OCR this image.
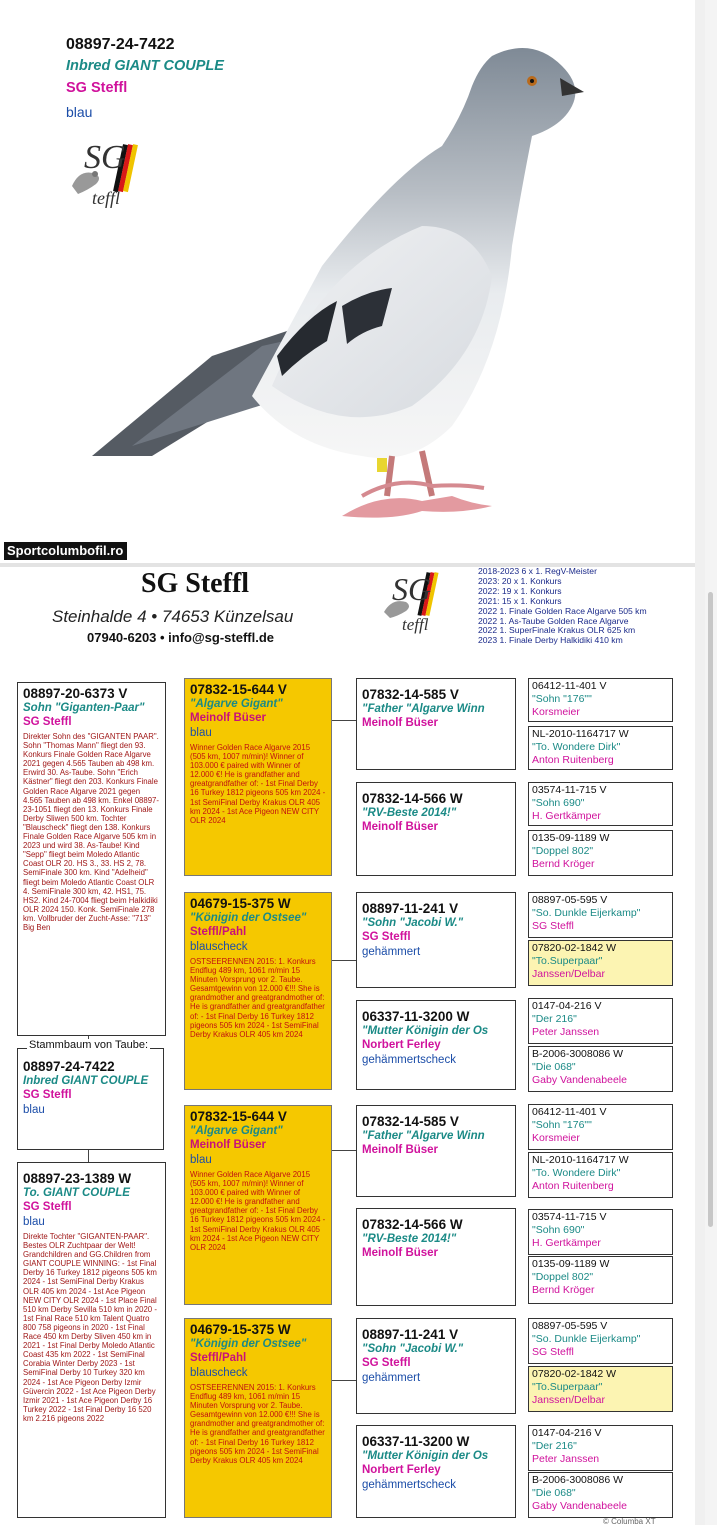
08897-24-7422
Inbred GIANT COUPLE
SG Steffl
blau
SG
teffl
Sportcolumbofil.ro
SG Steffl
Steinhalde 4 • 74653 Künzelsau
07940-6203 • info@sg-steffl.de
SG
teffl
2018-2023 6 x 1. RegV-Meister
2023: 20 x 1. Konkurs
2022: 19 x 1. Konkurs
2021: 15 x 1. Konkurs
2022 1. Finale Golden Race Algarve 505 km
2022 1. As-Taube Golden Race Algarve
2022 1. SuperFinale Krakus OLR 625 km
2023 1. Finale Derby Halkidiki 410 km
08897-20-6373 V
Sohn "Giganten-Paar"
SG Steffl
Direkter Sohn des "GIGANTEN PAAR". Sohn "Thomas Mann" fliegt den 93. Konkurs Finale Golden Race Algarve 2021 gegen 4.565 Tauben ab 498 km. Erwird 30. As-Taube. Sohn "Erich Kästner" fliegt den 203. Konkurs Finale Golden Race Algarve 2021 gegen 4.565 Tauben ab 498 km. Enkel 08897-23-1051 fliegt den 13. Konkurs Finale Derby Sliwen 500 km. Tochter "Blauscheck" fliegt den 138. Konkurs Finale Golden Race Algarve 505 km in 2023 und wird 38. As-Taube! Kind "Sepp" fliegt beim Moledo Atlantic Coast OLR 20. HS 3., 33. HS 2, 78. SemiFinale 300 km. Kind "Adelheid" fliegt beim Moledo Atlantic Coast OLR 4. SemiFinale 300 km, 42. HS1, 75. HS2. Kind 24-7004 fliegt beim Halkidiki OLR 2024 150. Konk. SemiFinale 278 km. Vollbruder der Zucht-Asse: "713" Big Ben
08897-24-7422
Inbred GIANT COUPLE
SG Steffl
blau
Stammbaum von Taube:
08897-23-1389 W
To. GIANT COUPLE
SG Steffl
blau
Direkte Tochter "GIGANTEN-PAAR". Bestes OLR Zuchtpaar der Welt! Grandchildren and GG.Children from GIANT COUPLE WINNING: - 1st Final Derby 16 Turkey 1812 pigeons 505 km 2024 - 1st SemiFinal Derby Krakus OLR 405 km 2024 - 1st Ace Pigeon NEW CITY OLR 2024 - 1st Place Final 510 km Derby Sevilla 510 km in 2020 - 1st Final Race 510 km Talent Quatro 800 758 pigeons in 2020 - 1st Final Race 450 km Derby Sliven 450 km in 2021 - 1st Final Derby Moledo Atlantic Coast 435 km 2022 - 1st SemiFinal Corabia Winter Derby 2023 - 1st SemiFinal Derby 10 Turkey 320 km 2024 - 1st Ace Pigeon Derby Izmir Güvercin 2022 - 1st Ace Pigeon Derby Izmir 2021 - 1st Ace Pigeon Derby 16 Turkey 2022 - 1st Final Derby 16 520 km 2.216 pigeons 2022
07832-15-644 V
"Algarve Gigant"
Meinolf Büser
blau
Winner Golden Race Algarve 2015 (505 km, 1007 m/min)! Winner of 103.000 € paired with Winner of 12.000 €! He is grandfather and greatgrandfather of: - 1st Final Derby 16 Turkey 1812 pigeons 505 km 2024 - 1st SemiFinal Derby Krakus OLR 405 km 2024 - 1st Ace Pigeon NEW CITY OLR 2024
04679-15-375 W
"Königin der Ostsee"
Steffl/Pahl
blauscheck
OSTSEERENNEN 2015: 1. Konkurs Endflug 489 km, 1061 m/min 15 Minuten Vorsprung vor 2. Taube. Gesamtgewinn von 12.000 €!!! She is grandmother and greatgrandmother of: He is grandfather and greatgrandfather of: - 1st Final Derby 16 Turkey 1812 pigeons 505 km 2024 - 1st SemiFinal Derby Krakus OLR 405 km 2024
07832-15-644 V
"Algarve Gigant"
Meinolf Büser
blau
Winner Golden Race Algarve 2015 (505 km, 1007 m/min)! Winner of 103.000 € paired with Winner of 12.000 €! He is grandfather and greatgrandfather of: - 1st Final Derby 16 Turkey 1812 pigeons 505 km 2024 - 1st SemiFinal Derby Krakus OLR 405 km 2024 - 1st Ace Pigeon NEW CITY OLR 2024
04679-15-375 W
"Königin der Ostsee"
Steffl/Pahl
blauscheck
OSTSEERENNEN 2015: 1. Konkurs Endflug 489 km, 1061 m/min 15 Minuten Vorsprung vor 2. Taube. Gesamtgewinn von 12.000 €!!! She is grandmother and greatgrandmother of: He is grandfather and greatgrandfather of: - 1st Final Derby 16 Turkey 1812 pigeons 505 km 2024 - 1st SemiFinal Derby Krakus OLR 405 km 2024
07832-14-585 V
"Father "Algarve Winn
Meinolf Büser
07832-14-566 W
"RV-Beste 2014!"
Meinolf Büser
08897-11-241 V
"Sohn "Jacobi W."
SG Steffl
gehämmert
06337-11-3200 W
"Mutter Königin der Os
Norbert Ferley
gehämmertscheck
07832-14-585 V
"Father "Algarve Winn
Meinolf Büser
07832-14-566 W
"RV-Beste 2014!"
Meinolf Büser
08897-11-241 V
"Sohn "Jacobi W."
SG Steffl
gehämmert
06337-11-3200 W
"Mutter Königin der Os
Norbert Ferley
gehämmertscheck
06412-11-401 V
"Sohn "176""
Korsmeier
NL-2010-1164717 W
"To. Wondere Dirk"
Anton Ruitenberg
03574-11-715 V
"Sohn 690"
H. Gertkämper
0135-09-1189 W
"Doppel 802"
Bernd Kröger
08897-05-595 V
"So. Dunkle Eijerkamp"
SG Steffl
07820-02-1842 W
"To.Superpaar"
Janssen/Delbar
0147-04-216 V
"Der 216"
Peter Janssen
B-2006-3008086 W
"Die 068"
Gaby Vandenabeele
06412-11-401 V
"Sohn "176""
Korsmeier
NL-2010-1164717 W
"To. Wondere Dirk"
Anton Ruitenberg
03574-11-715 V
"Sohn 690"
H. Gertkämper
0135-09-1189 W
"Doppel 802"
Bernd Kröger
08897-05-595 V
"So. Dunkle Eijerkamp"
SG Steffl
07820-02-1842 W
"To.Superpaar"
Janssen/Delbar
0147-04-216 V
"Der 216"
Peter Janssen
B-2006-3008086 W
"Die 068"
Gaby Vandenabeele
© Columba XT
